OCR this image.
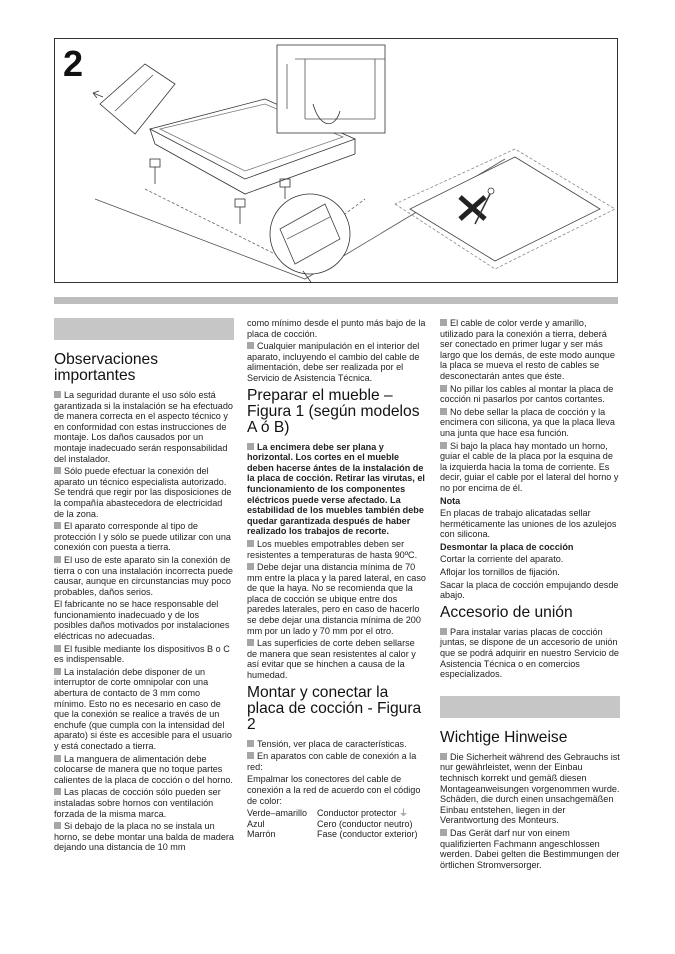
2
Observaciones importantes

La seguridad durante el uso sólo está garantizada si la instalación se ha efectuado de manera correcta en el aspecto técnico y en conformidad con estas instrucciones de montaje. Los daños causados por un montaje inadecuado serán responsabilidad del instalador.

Sólo puede efectuar la conexión del aparato un técnico especialista autorizado. Se tendrá que regir por las disposiciones de la compañía abastecedora de electricidad de la zona.

El aparato corresponde al tipo de protección I y sólo se puede utilizar con una conexión con puesta a tierra.

El uso de este aparato sin la conexión de tierra o con una instalación incorrecta puede causar, aunque en circunstancias muy poco probables, daños serios.

El fabricante no se hace responsable del funcionamiento inadecuado y de los posibles daños motivados por instalaciones eléctricas no adecuadas.

El fusible mediante los dispositivos B o C es indispensable.

La instalación debe disponer de un interruptor de corte omnipolar con una abertura de contacto de 3 mm como mínimo. Esto no es necesario en caso de que la conexión se realice a través de un enchufe (que cumpla con la intensidad del aparato) si éste es accesible para el usuario y está conectado a tierra.

La manguera de alimentación debe colocarse de manera que no toque partes calientes de la placa de cocción o del horno.

Las placas de cocción sólo pueden ser instaladas sobre hornos con ventilación forzada de la misma marca.

Si debajo de la placa no se instala un horno, se debe montar una balda de madera dejando una distancia de 10 mm

como mínimo desde el punto más bajo de la placa de cocción.

Cualquier manipulación en el interior del aparato, incluyendo el cambio del cable de alimentación, debe ser realizada por el Servicio de Asistencia Técnica.

Preparar el mueble – Figura 1 (según modelos A ó B)

La encimera debe ser plana y horizontal. Los cortes en el mueble deben hacerse ántes de la instalación de la placa de cocción. Retirar las virutas, el funcionamiento de los componentes eléctricos puede verse afectado. La estabilidad de los muebles también debe quedar garantizada después de haber realizado los trabajos de recorte.

Los muebles empotrables deben ser resistentes a temperaturas de hasta 90ºC.

Debe dejar una distancia mínima de 70 mm entre la placa y la pared lateral, en caso de que la haya. No se recomienda que la placa de cocción se ubique entre dos paredes laterales, pero en caso de hacerlo se debe dejar una distancia mínima de 200 mm por un lado y 70 mm por el otro.

Las superficies de corte deben sellarse de manera que sean resistentes al calor y así evitar que se hinchen a causa de la humedad.

Montar y conectar la placa de cocción - Figura 2

Tensión, ver placa de características.

En aparatos con cable de conexión a la red:

Empalmar los conectores del cable de conexión a la red de acuerdo con el código de color:

Verde–amarillo	Conductor protector ⏚
Azul	Cero (conductor neutro)
Marrón	Fase (conductor exterior)

El cable de color verde y amarillo, utilizado para la conexión a tierra, deberá ser conectado en primer lugar y ser más largo que los demás, de este modo aunque la placa se mueva el resto de cables se desconectarán antes que éste.

No pillar los cables al montar la placa de cocción ni pasarlos por cantos cortantes.

No debe sellar la placa de cocción y la encimera con silicona, ya que la placa lleva una junta que hace esa función.

Si bajo la placa hay montado un horno, guiar el cable de la placa por la esquina de la izquierda hacia la toma de corriente. Es decir, guiar el cable por el lateral del horno y no por encima de él.

Nota

En placas de trabajo alicatadas sellar herméticamente las uniones de los azulejos con silicona.

Desmontar la placa de cocción

Cortar la corriente del aparato.

Aflojar los tornillos de fijación.

Sacar la placa de cocción empujando desde abajo.

Accesorio de unión

Para instalar varias placas de cocción juntas, se dispone de un accesorio de unión que se podrá adquirir en nuestro Servicio de Asistencia Técnica o en comercios especializados.

Wichtige Hinweise

Die Sicherheit während des Gebrauchs ist nur gewährleistet, wenn der Einbau technisch korrekt und gemäß diesen Montageanweisungen vorgenommen wurde. Schäden, die durch einen unsachgemäßen Einbau entstehen, liegen in der Verantwortung des Monteurs.

Das Gerät darf nur von einem qualifizierten Fachmann angeschlossen werden. Dabei gelten die Bestimmungen der örtlichen Stromversorger.
